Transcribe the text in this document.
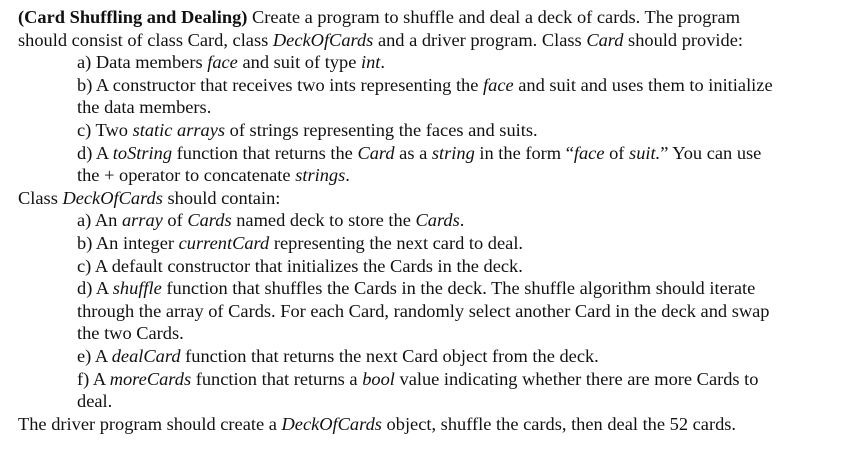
(Card Shuffling and Dealing) Create a program to shuffle and deal a deck of cards. The program
should consist of class Card, class DeckOfCards and a driver program. Class Card should provide:
a) Data members face and suit of type int.
b) A constructor that receives two ints representing the face and suit and uses them to initialize
the data members.
c) Two static arrays of strings representing the faces and suits.
d) A toString function that returns the Card as a string in the form “face of suit.” You can use
the + operator to concatenate strings.
Class DeckOfCards should contain:
a) An array of Cards named deck to store the Cards.
b) An integer currentCard representing the next card to deal.
c) A default constructor that initializes the Cards in the deck.
d) A shuffle function that shuffles the Cards in the deck. The shuffle algorithm should iterate
through the array of Cards. For each Card, randomly select another Card in the deck and swap
the two Cards.
e) A dealCard function that returns the next Card object from the deck.
f) A moreCards function that returns a bool value indicating whether there are more Cards to
deal.
The driver program should create a DeckOfCards object, shuffle the cards, then deal the 52 cards.
